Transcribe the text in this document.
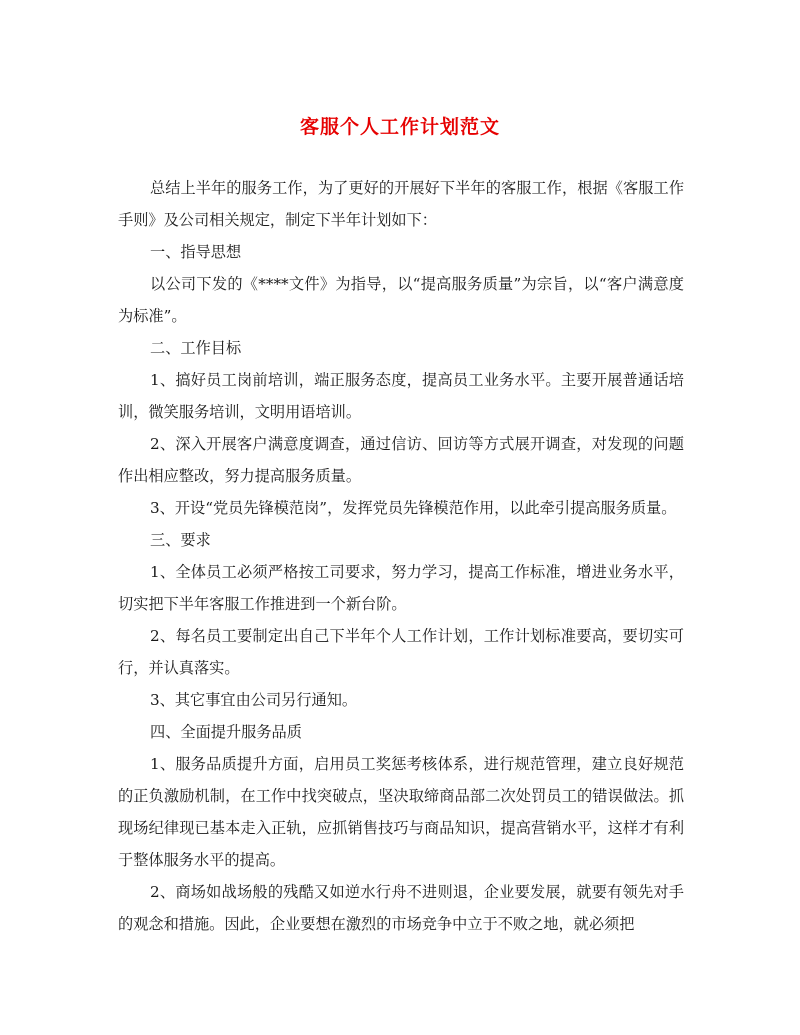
客服个人工作计划范文

总结上半年的服务工作，为了更好的开展好下半年的客服工作，根据《客服工作手则》及公司相关规定，制定下半年计划如下：

一、指导思想

以公司下发的《****文件》为指导，以“提高服务质量”为宗旨，以“客户满意度为标准”。

二、工作目标

1、搞好员工岗前培训，端正服务态度，提高员工业务水平。主要开展普通话培训，微笑服务培训，文明用语培训。

2、深入开展客户满意度调查，通过信访、回访等方式展开调查，对发现的问题作出相应整改，努力提高服务质量。

3、开设“党员先锋模范岗”，发挥党员先锋模范作用，以此牵引提高服务质量。

三、要求

1、全体员工必须严格按工司要求，努力学习，提高工作标准，增进业务水平，切实把下半年客服工作推进到一个新台阶。

2、每名员工要制定出自己下半年个人工作计划，工作计划标准要高，要切实可行，并认真落实。

3、其它事宜由公司另行通知。

四、全面提升服务品质

1、服务品质提升方面，启用员工奖惩考核体系，进行规范管理，建立良好规范的正负激励机制，在工作中找突破点，坚决取缔商品部二次处罚员工的错误做法。抓现场纪律现已基本走入正轨，应抓销售技巧与商品知识，提高营销水平，这样才有利于整体服务水平的提高。

2、商场如战场般的残酷又如逆水行舟不进则退，企业要发展，就要有领先对手的观念和措施。因此，企业要想在激烈的市场竞争中立于不败之地，就必须把
